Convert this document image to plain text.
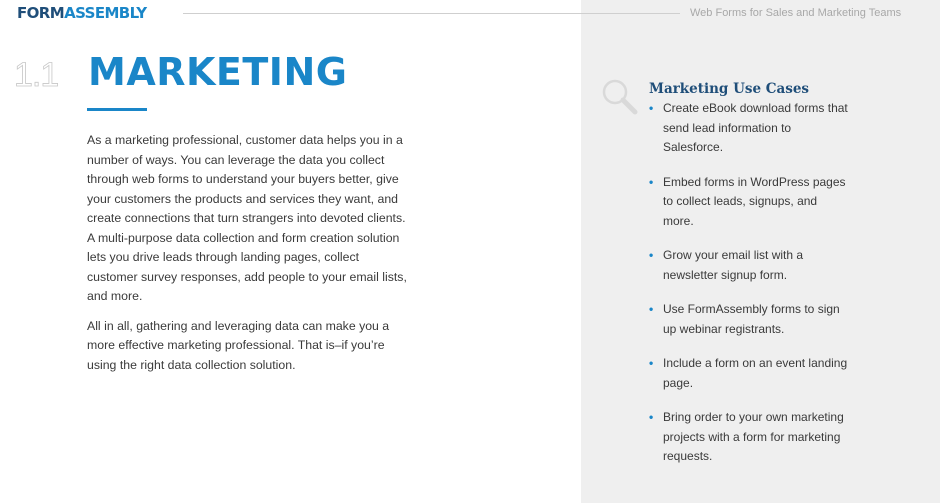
FORMASSEMBLY	Web Forms for Sales and Marketing Teams
1.1 MARKETING

As a marketing professional, customer data helps you in a number of ways. You can leverage the data you collect through web forms to understand your buyers better, give your customers the products and services they want, and create connections that turn strangers into devoted clients. A multi-purpose data collection and form creation solution lets you drive leads through landing pages, collect customer survey responses, add people to your email lists, and more.

All in all, gathering and leveraging data can make you a more effective marketing professional. That is–if you’re using the right data collection solution.

Marketing Use Cases
• Create eBook download forms that send lead information to Salesforce.
• Embed forms in WordPress pages to collect leads, signups, and more.
• Grow your email list with a newsletter signup form.
• Use FormAssembly forms to sign up webinar registrants.
• Include a form on an event landing page.
• Bring order to your own marketing projects with a form for marketing requests.
